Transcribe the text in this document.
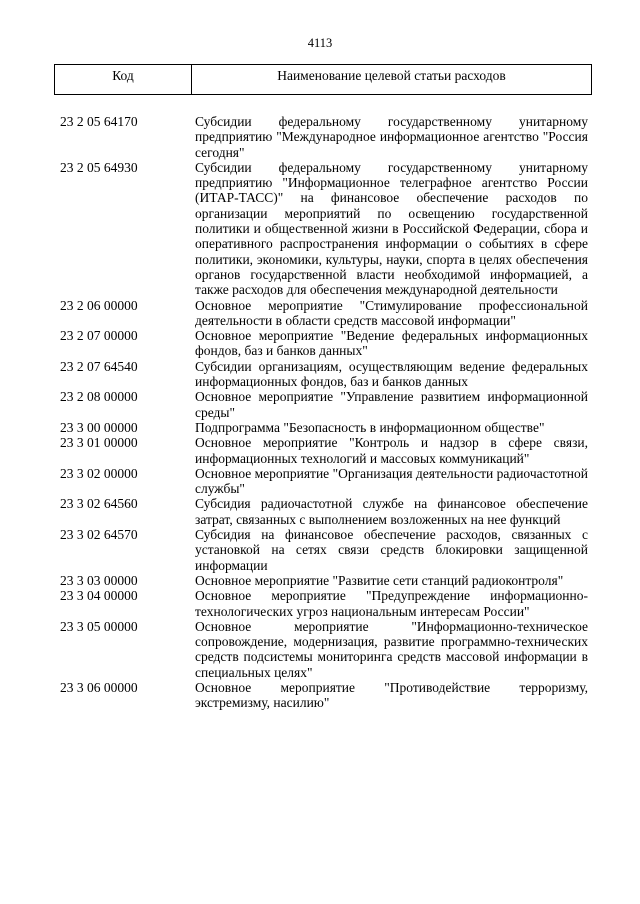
4113
Код	Наименование целевой статьи расходов
23 2 05 64170	Субсидии федеральному государственному унитарному предприятию "Международное информационное агентство "Россия сегодня"
23 2 05 64930	Субсидии федеральному государственному унитарному предприятию "Информационное телеграфное агентство России (ИТАР-ТАСС)" на финансовое обеспечение расходов по организации мероприятий по освещению государственной политики и общественной жизни в Российской Федерации, сбора и оперативного распространения информации о событиях в сфере политики, экономики, культуры, науки, спорта в целях обеспечения органов государственной власти необходимой информацией, а также расходов для обеспечения международной деятельности
23 2 06 00000	Основное мероприятие "Стимулирование профессиональной деятельности в области средств массовой информации"
23 2 07 00000	Основное мероприятие "Ведение федеральных информационных фондов, баз и банков данных"
23 2 07 64540	Субсидии организациям, осуществляющим ведение федеральных информационных фондов, баз и банков данных
23 2 08 00000	Основное мероприятие "Управление развитием информационной среды"
23 3 00 00000	Подпрограмма "Безопасность в информационном обществе"
23 3 01 00000	Основное мероприятие "Контроль и надзор в сфере связи, информационных технологий и массовых коммуникаций"
23 3 02 00000	Основное мероприятие "Организация деятельности радиочастотной службы"
23 3 02 64560	Субсидия радиочастотной службе на финансовое обеспечение затрат, связанных с выполнением возложенных на нее функций
23 3 02 64570	Субсидия на финансовое обеспечение расходов, связанных с установкой на сетях связи средств блокировки защищенной информации
23 3 03 00000	Основное мероприятие "Развитие сети станций радиоконтроля"
23 3 04 00000	Основное мероприятие "Предупреждение информационно-технологических угроз национальным интересам России"
23 3 05 00000	Основное мероприятие "Информационно-техническое сопровождение, модернизация, развитие программно-технических средств подсистемы мониторинга средств массовой информации в специальных целях"
23 3 06 00000	Основное мероприятие "Противодействие терроризму, экстремизму, насилию"
